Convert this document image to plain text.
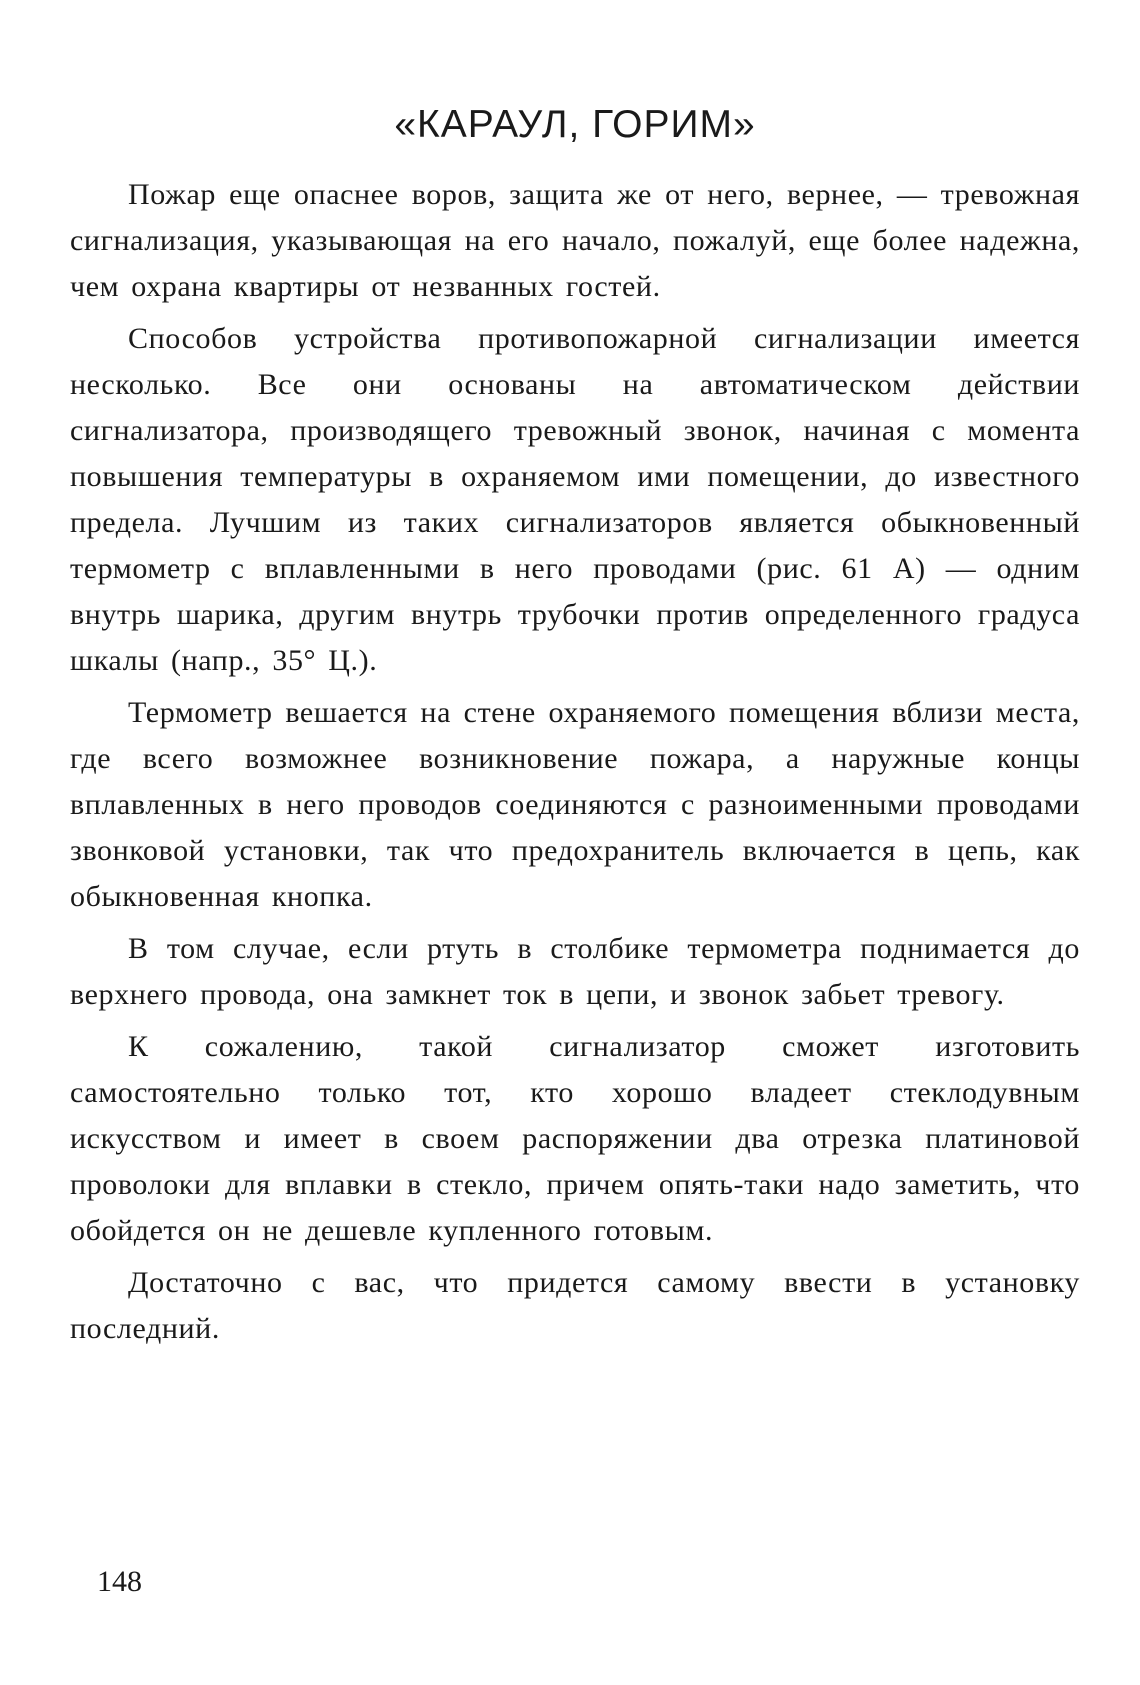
«КАРАУЛ, ГОРИМ»

Пожар еще опаснее воров, защита же от него, вернее, — тревожная сигнализация, указывающая на его начало, пожалуй, еще более надежна, чем охрана квартиры от незванных гостей.

Способов устройства противопожарной сигнализации имеется несколько. Все они основаны на автоматическом действии сигнализатора, производящего тревожный звонок, начиная с момента повышения температуры в охраняемом ими помещении, до известного предела. Лучшим из таких сигнализаторов является обыкновенный термометр с вплавленными в него проводами (рис. 61 А) — одним внутрь шарика, другим внутрь трубочки против определенного градуса шкалы (напр., 35° Ц.).

Термометр вешается на стене охраняемого помещения вблизи места, где всего возможнее возникновение пожара, а наружные концы вплавленных в него проводов соединяются с разноименными проводами звонковой установки, так что предохранитель включается в цепь, как обыкновенная кнопка.

В том случае, если ртуть в столбике термометра поднимается до верхнего провода, она замкнет ток в цепи, и звонок забьет тревогу.

К сожалению, такой сигнализатор сможет изготовить самостоятельно только тот, кто хорошо владеет стеклодувным искусством и имеет в своем распоряжении два отрезка платиновой проволоки для вплавки в стекло, причем опять-таки надо заметить, что обойдется он не дешевле купленного готовым.

Достаточно с вас, что придется самому ввести в установку последний.

148
